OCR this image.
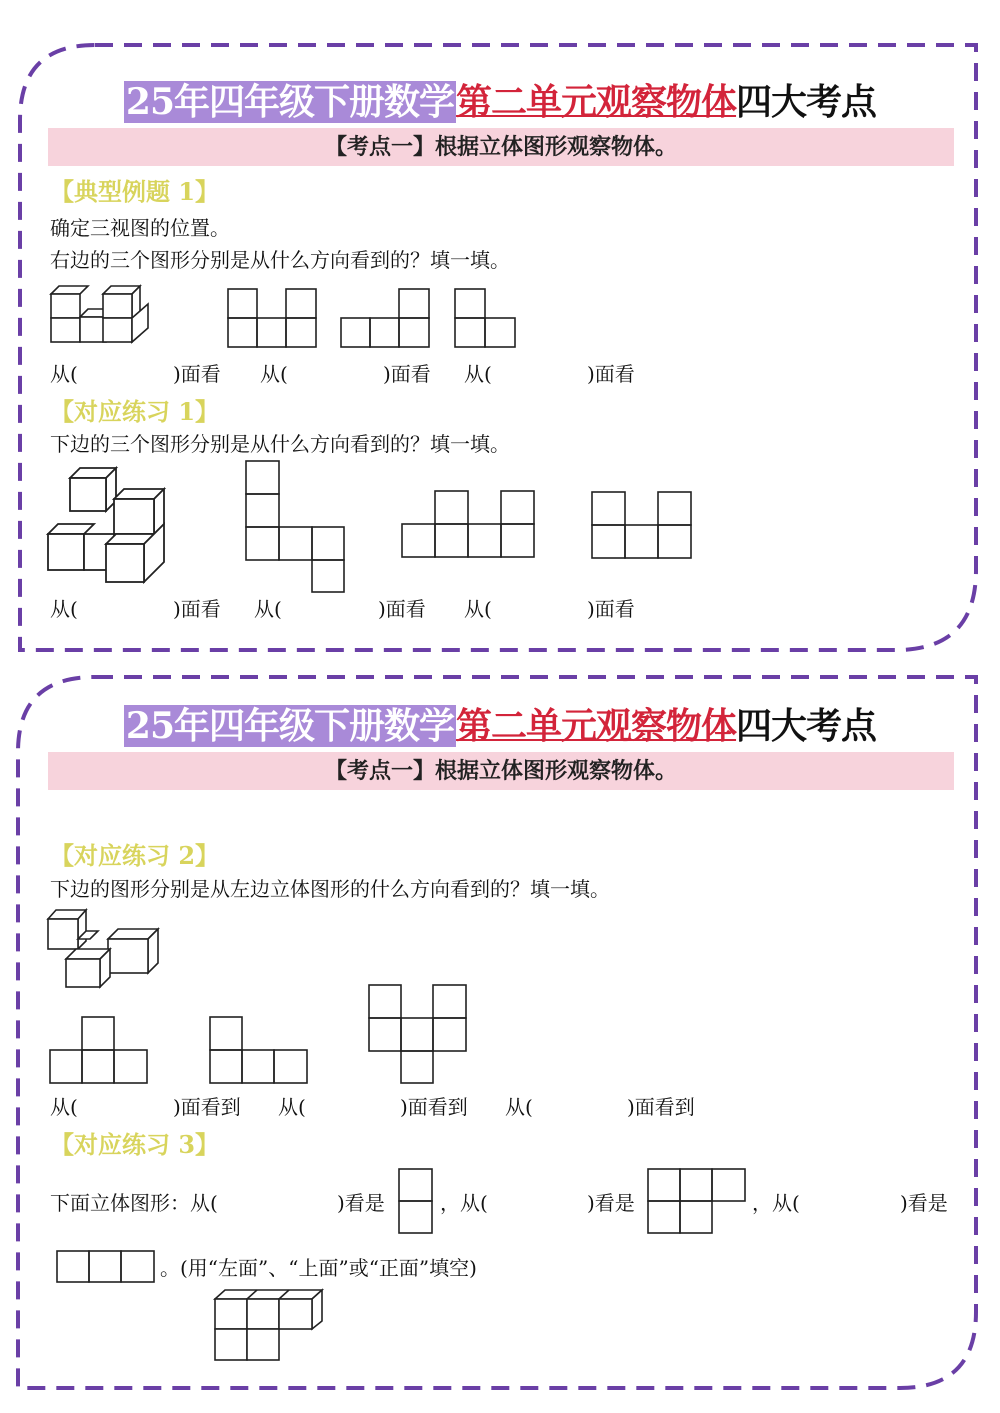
25年四年级下册数学第二单元观察物体四大考点
【考点一】根据立体图形观察物体。
【典型例题 1】
确定三视图的位置。
右边的三个图形分别是从什么方向看到的？填一填。
从(	)面看 从(	)面看 从(	)面看
【对应练习 1】
下边的三个图形分别是从什么方向看到的？填一填。
从(	)面看 从(	)面看 从(	)面看
25年四年级下册数学第二单元观察物体四大考点
【考点一】根据立体图形观察物体。
【对应练习 2】
下边的图形分别是从左边立体图形的什么方向看到的？填一填。
从(	)面看到 从(	)面看到 从(	)面看到
【对应练习 3】
下面立体图形：从(	)看是	，从(	)看是	，从(	)看是
。(用“左面”、“上面”或“正面”填空)
